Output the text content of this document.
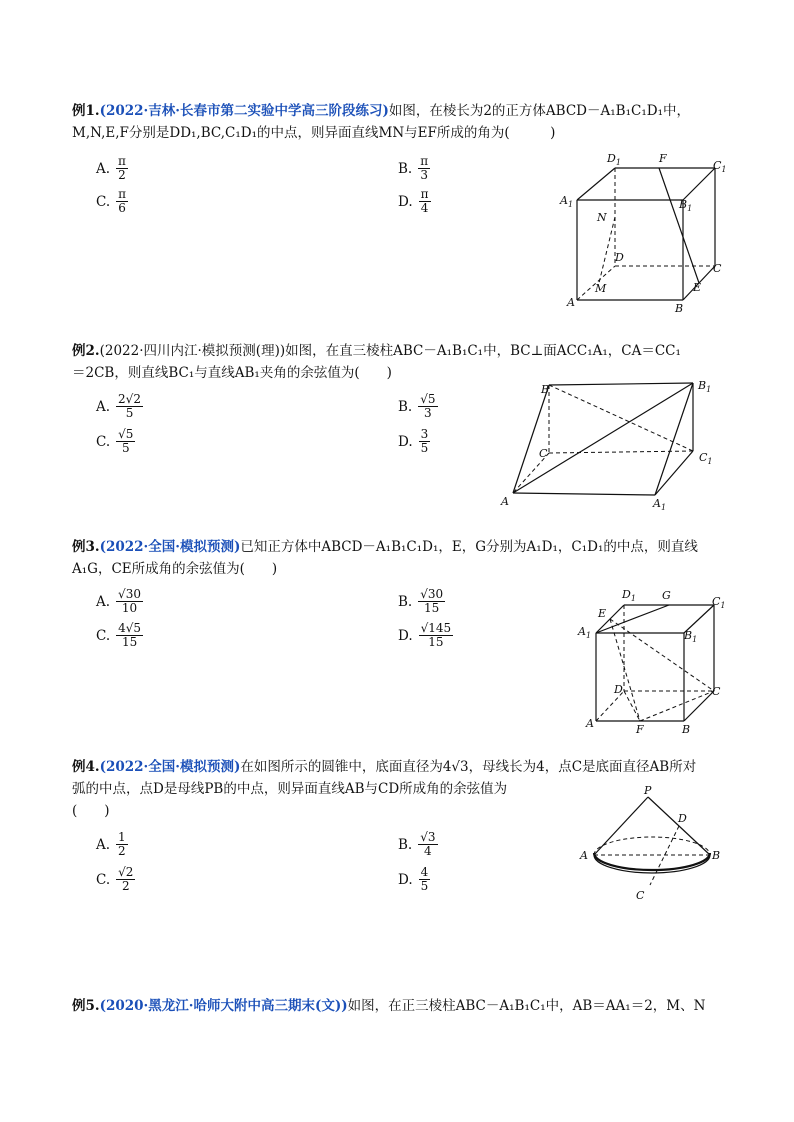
例1.(2022·吉林·长春市第二实验中学高三阶段练习)如图，在棱长为2的正方体ABCD－A₁B₁C₁D₁中，
M,N,E,F分别是DD₁,BC,C₁D₁的中点，则异面直线MN与EF所成的角为(　　　)
A. $\frac{\pi}{2}$	B. $\frac{\pi}{3}$
C. $\frac{\pi}{6}$	D. $\frac{\pi}{4}$
$D_1$	F
$C_1$
$A_1$	$B_1$
N
D
C
M	E
A	B
例2.(2022·四川内江·模拟预测(理))如图，在直三棱柱ABC－A₁B₁C₁中，BC⊥面ACC₁A₁，CA＝CC₁
＝2CB，则直线BC₁与直线AB₁夹角的余弦值为(　　)
A. $\frac{2√2}{5}$	B. $\frac{√5}{3}$
C. $\frac{√5}{5}$	D. $\frac{3}{5}$
B	$B_1$
C	$C_1$
A	$A_1$
例3.(2022·全国·模拟预测)已知正方体中ABCD－A₁B₁C₁D₁，E，G分别为A₁D₁，C₁D₁的中点，则直线
A₁G，CE所成角的余弦值为(　　)
A. $\frac{√30}{10}$	B. $\frac{√30}{15}$
C. $\frac{4√5}{15}$	D. $\frac{√145}{15}$
$D_1$ G	$C_1$
E
$A_1$	$B_1$
D	C
A	F	B
例4.(2022·全国·模拟预测)在如图所示的圆锥中，底面直径为4√3，母线长为4，点C是底面直径AB所对
弧的中点，点D是母线PB的中点，则异面直线AB与CD所成角的余弦值为
(　　)
A. $\frac{1}{2}$	B. $\frac{√3}{4}$
C. $\frac{√2}{2}$	D. $\frac{4}{5}$
P
D
A	B
C
例5.(2020·黑龙江·哈师大附中高三期末(文))如图，在正三棱柱ABC－A₁B₁C₁中，AB＝AA₁＝2，M、N
